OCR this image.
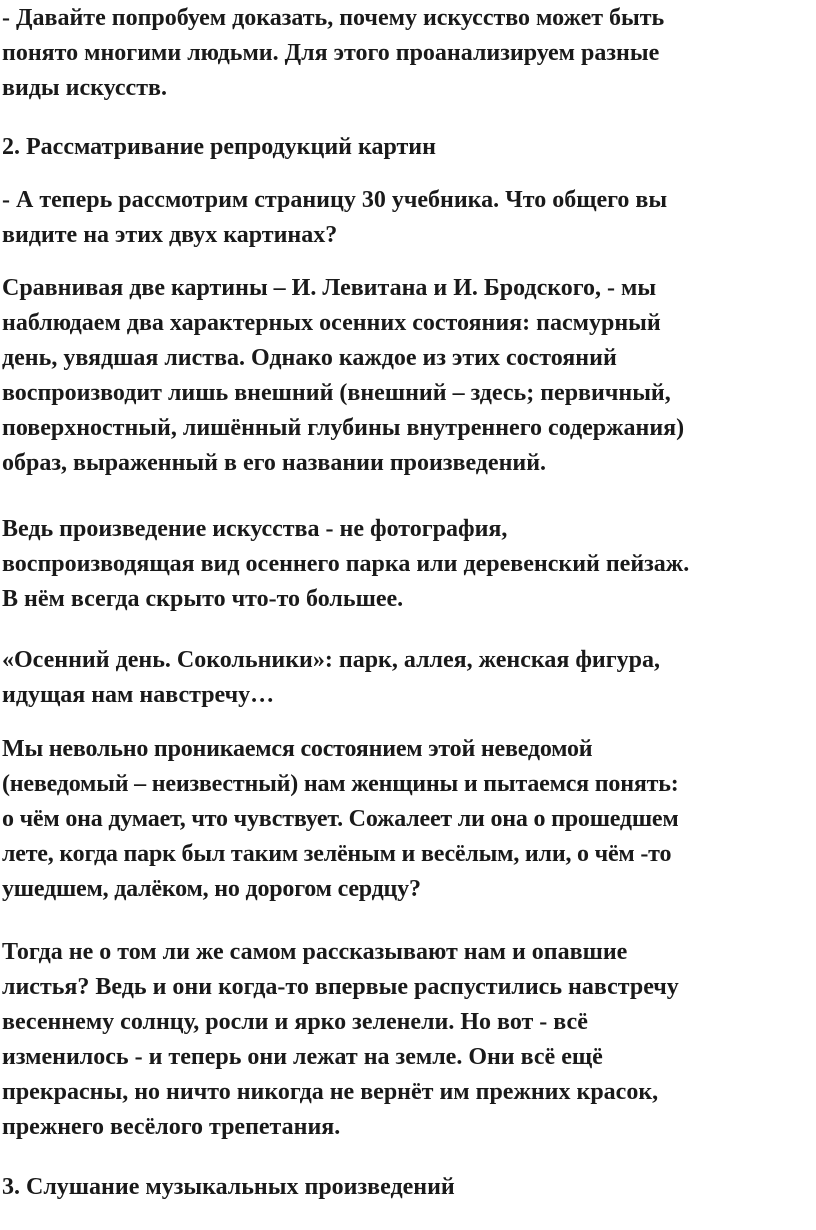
- Давайте попробуем доказать, почему искусство может быть
понято многими людьми. Для этого проанализируем разные
виды искусств.

2. Рассматривание репродукций картин

- А теперь рассмотрим страницу 30 учебника. Что общего вы
видите на этих двух картинах?

Сравнивая две картины – И. Левитана и И. Бродского, - мы
наблюдаем два характерных осенних состояния: пасмурный
день, увядшая листва. Однако каждое из этих состояний
воспроизводит лишь внешний (внешний – здесь; первичный,
поверхностный, лишённый глубины внутреннего содержания)
образ, выраженный в его названии произведений.

Ведь произведение искусства - не фотография,
воспроизводящая вид осеннего парка или деревенский пейзаж.
В нём всегда скрыто что-то большее.

«Осенний день. Сокольники»: парк, аллея, женская фигура,
идущая нам навстречу…

Мы невольно проникаемся состоянием этой неведомой
(неведомый – неизвестный) нам женщины и пытаемся понять:
о чём она думает, что чувствует. Сожалеет ли она о прошедшем
лете, когда парк был таким зелёным и весёлым, или, о чём -то
ушедшем, далёком, но дорогом сердцу?

Тогда не о том ли же самом рассказывают нам и опавшие
листья? Ведь и они когда-то впервые распустились навстречу
весеннему солнцу, росли и ярко зеленели. Но вот - всё
изменилось - и теперь они лежат на земле. Они всё ещё
прекрасны, но ничто никогда не вернёт им прежних красок,
прежнего весёлого трепетания.

3. Слушание музыкальных произведений
